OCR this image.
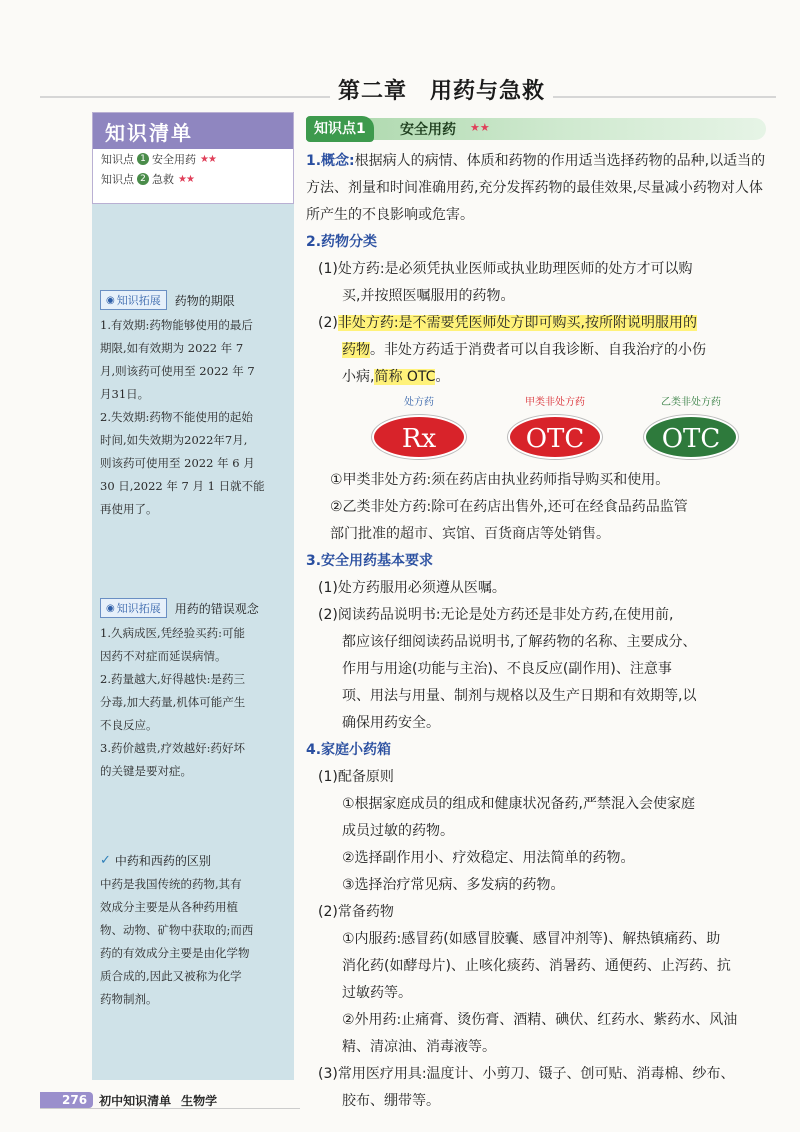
第二章　用药与急救
知识清单
知识点 1 安全用药 ★★
知识点 2 急救 ★★
◉ 知识拓展 药物的期限

1.有效期:药物能够使用的最后

期限,如有效期为 2022 年 7

月,则该药可使用至 2022 年 7

月31日。

2.失效期:药物不能使用的起始

时间,如失效期为2022年7月,

则该药可使用至 2022 年 6 月

30 日,2022 年 7 月 1 日就不能

再使用了。

◉ 知识拓展 用药的错误观念

1.久病成医,凭经验买药:可能

因药不对症而延误病情。

2.药量越大,好得越快:是药三

分毒,加大药量,机体可能产生

不良反应。

3.药价越贵,疗效越好:药好坏

的关键是要对症。

✓ 中药和西药的区别

中药是我国传统的药物,其有

效成分主要是从各种药用植

物、动物、矿物中获取的;而西

药的有效成分主要是由化学物

质合成的,因此又被称为化学

药物制剂。

知识点1	安全用药 ★★
1.概念:根据病人的病情、体质和药物的作用适当选择药物的品种,以适当的方法、剂量和时间准确用药,充分发挥药物的最佳效果,尽量减小药物对人体所产生的不良影响或危害。
2.药物分类
(1)处方药:是必须凭执业医师或执业助理医师的处方才可以购
买,并按照医嘱服用的药物。
(2)非处方药:是不需要凭医师处方即可购买,按所附说明服用的
药物。非处方药适于消费者可以自我诊断、自我治疗的小伤
小病,简称 OTC。
处方药
Rx
甲类非处方药
OTC
乙类非处方药
OTC
①甲类非处方药:须在药店由执业药师指导购买和使用。
②乙类非处方药:除可在药店出售外,还可在经食品药品监管
部门批准的超市、宾馆、百货商店等处销售。
3.安全用药基本要求
(1)处方药服用必须遵从医嘱。
(2)阅读药品说明书:无论是处方药还是非处方药,在使用前,
都应该仔细阅读药品说明书,了解药物的名称、主要成分、
作用与用途(功能与主治)、不良反应(副作用)、注意事
项、用法与用量、制剂与规格以及生产日期和有效期等,以
确保用药安全。
4.家庭小药箱
(1)配备原则
①根据家庭成员的组成和健康状况备药,严禁混入会使家庭
成员过敏的药物。
②选择副作用小、疗效稳定、用法简单的药物。
③选择治疗常见病、多发病的药物。
(2)常备药物
①内服药:感冒药(如感冒胶囊、感冒冲剂等)、解热镇痛药、助
消化药(如酵母片)、止咳化痰药、消暑药、通便药、止泻药、抗
过敏药等。
②外用药:止痛膏、烫伤膏、酒精、碘伏、红药水、紫药水、风油
精、清凉油、消毒液等。
(3)常用医疗用具:温度计、小剪刀、镊子、创可贴、消毒棉、纱布、
胶布、绷带等。
276	初中知识清单 生物学
